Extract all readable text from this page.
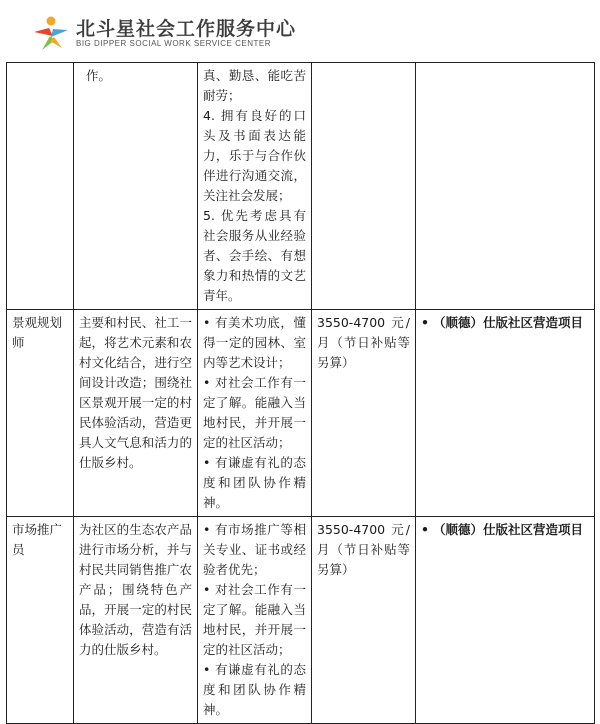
北斗星社会工作服务中心
BIG DIPPER SOCIAL WORK SERVICE CENTER
	作。	真、勤恳、能吃苦耐劳；
4. 拥有良好的口头及书面表达能力，乐于与合作伙伴进行沟通交流，关注社会发展；
5. 优先考虑具有社会服务从业经验者、会手绘、有想象力和热情的文艺青年。		

景观规划师	主要和村民、社工一起，将艺术元素和农村文化结合，进行空间设计改造；围绕社区景观开展一定的村民体验活动，营造更具人文气息和活力的仕版乡村。	• 有美术功底，懂得一定的园林、室内等艺术设计；
• 对社会工作有一定了解。能融入当地村民，并开展一定的社区活动；
• 有谦虚有礼的态度和团队协作精神。	3550-4700 元/月（节日补贴等另算）	• （顺德）仕版社区营造项目
市场推广员	为社区的生态农产品进行市场分析，并与村民共同销售推广农产品；围绕特色产品，开展一定的村民体验活动，营造有活力的仕版乡村。	• 有市场推广等相关专业、证书或经验者优先；
• 对社会工作有一定了解。能融入当地村民，并开展一定的社区活动；
• 有谦虚有礼的态度和团队协作精神。	3550-4700 元/月（节日补贴等另算）	• （顺德）仕版社区营造项目
